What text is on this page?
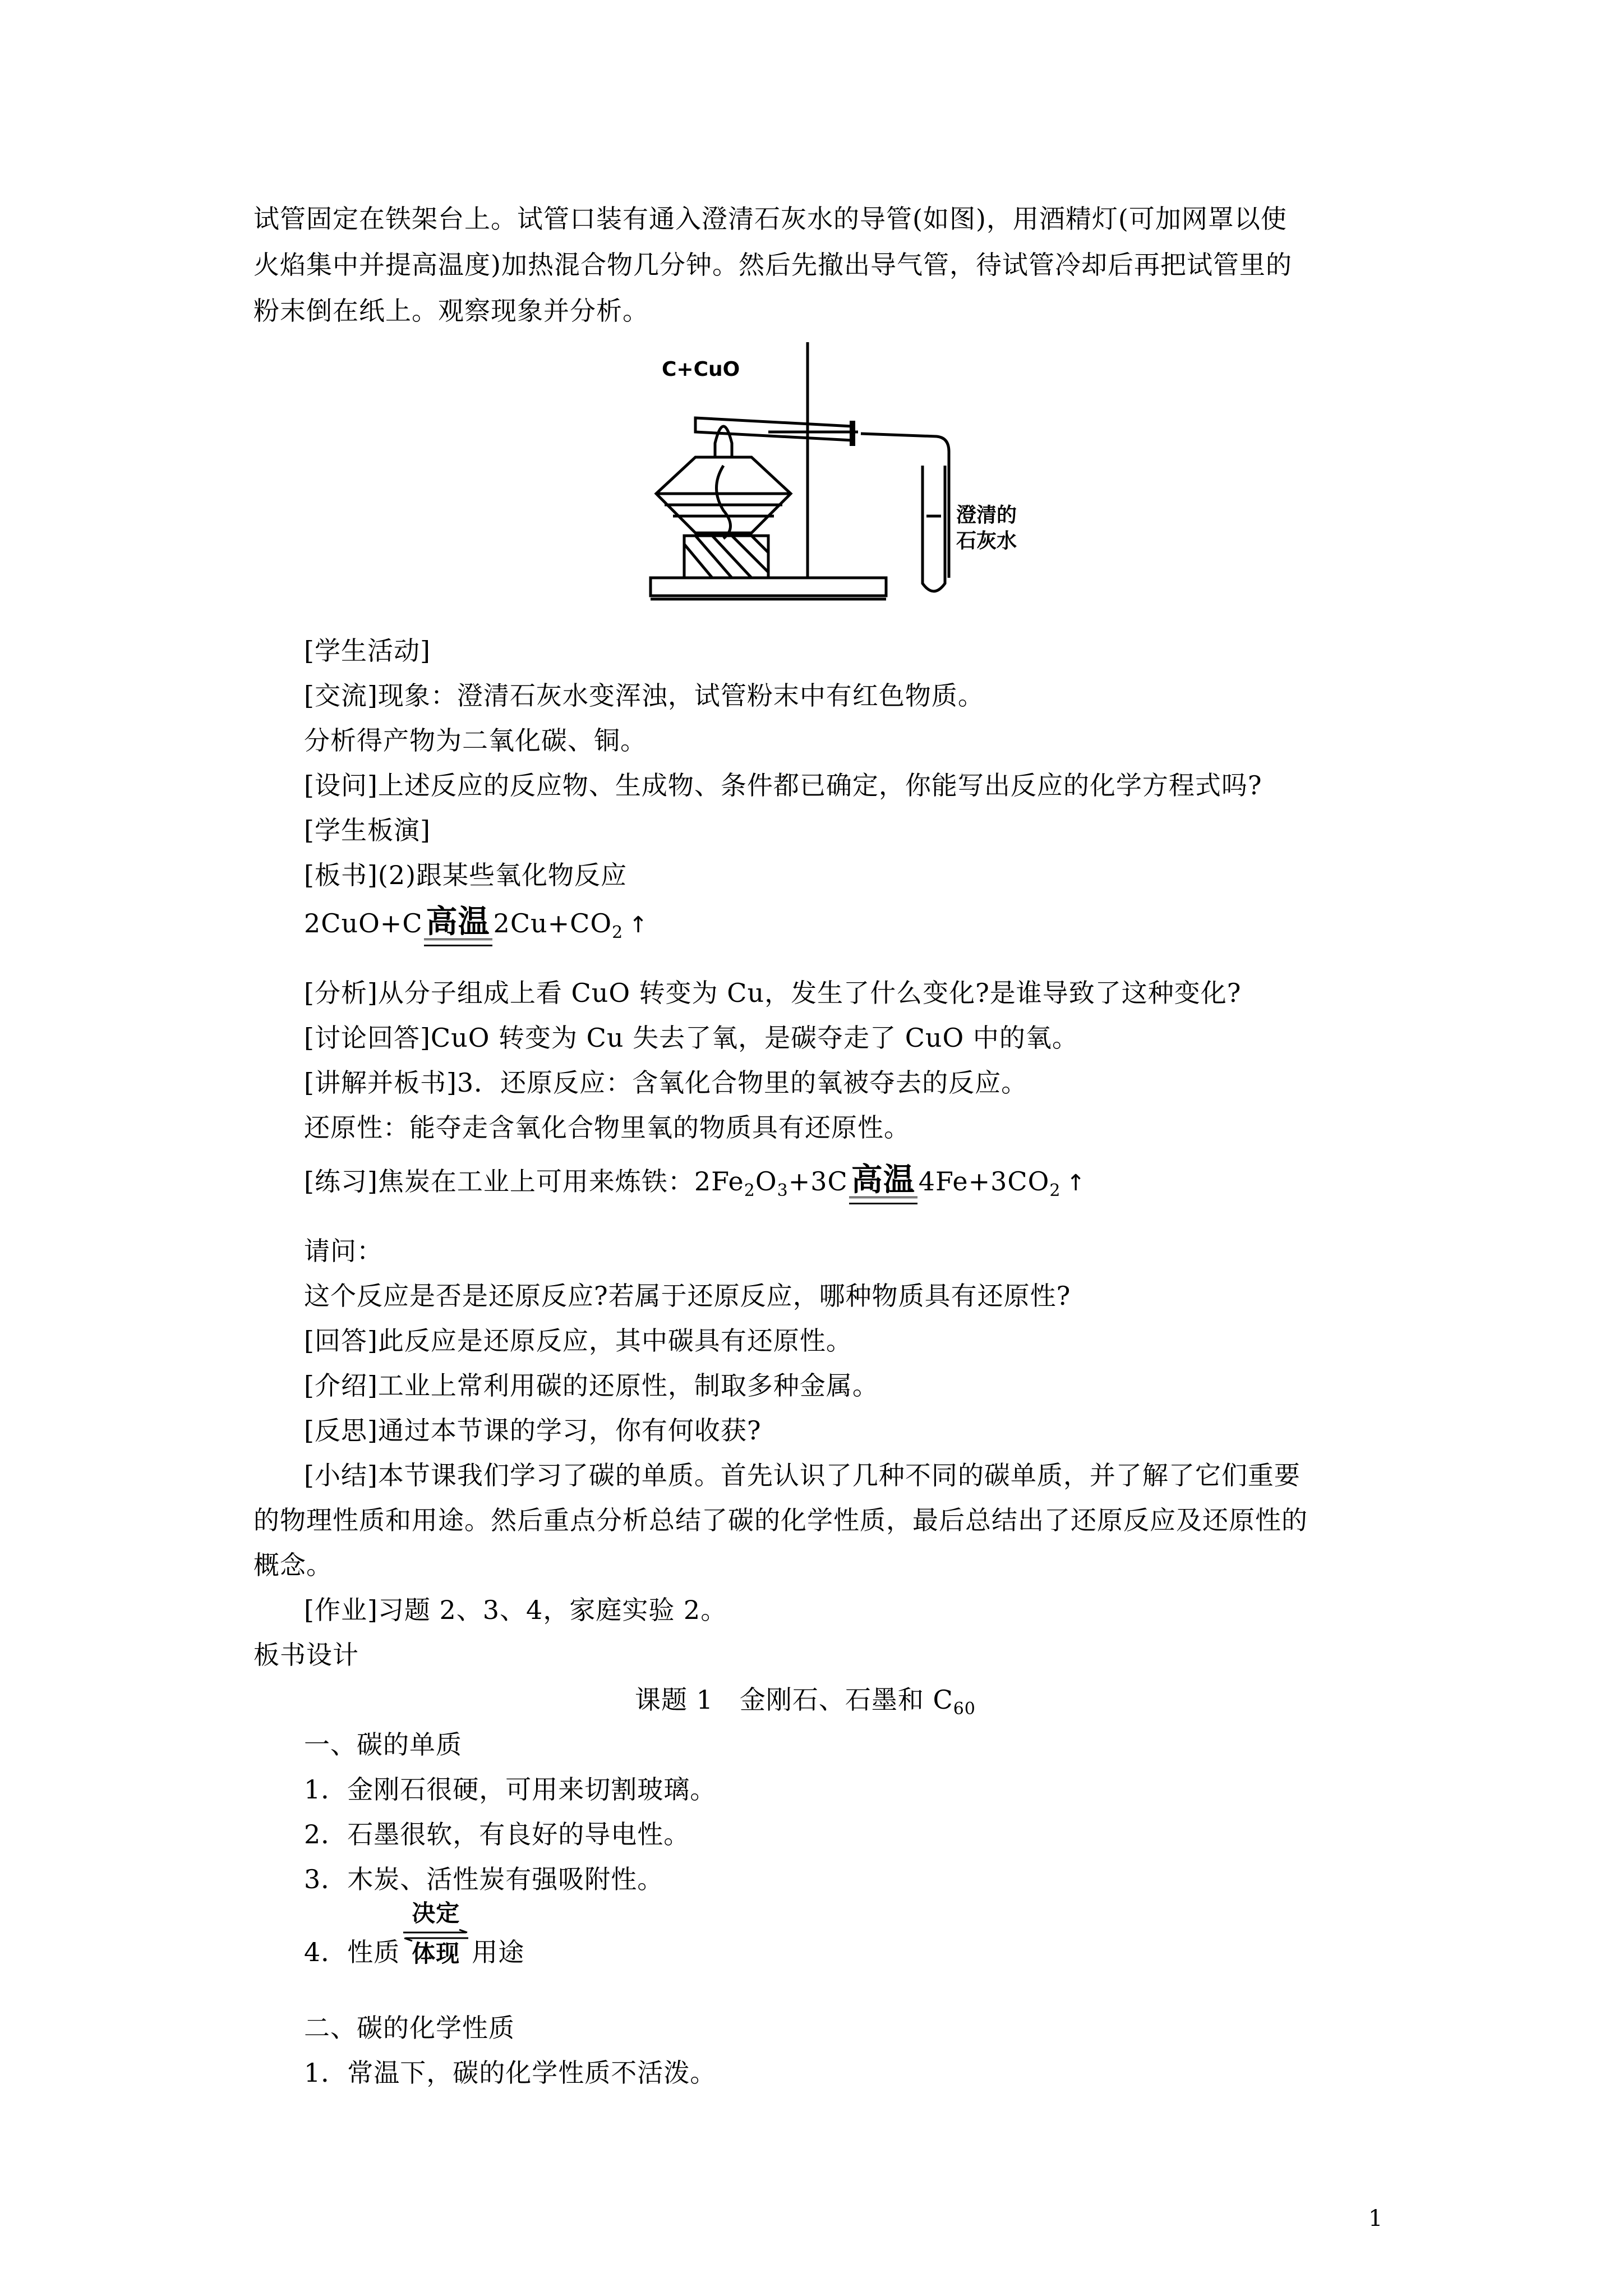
试管固定在铁架台上。试管口装有通入澄清石灰水的导管(如图)，用酒精灯(可加网罩以使
火焰集中并提高温度)加热混合物几分钟。然后先撤出导气管，待试管冷却后再把试管里的
粉末倒在纸上。观察现象并分析。
C+CuO
澄清的
石灰水
[学生活动]
[交流]现象：澄清石灰水变浑浊，试管粉末中有红色物质。
分析得产物为二氧化碳、铜。
[设问]上述反应的反应物、生成物、条件都已确定，你能写出反应的化学方程式吗?
[学生板演]
[板书](2)跟某些氧化物反应
2CuO+C 高温 $2Cu+CO_2$ ↑
[分析]从分子组成上看 CuO 转变为 Cu，发生了什么变化?是谁导致了这种变化?
[讨论回答]CuO 转变为 Cu 失去了氧，是碳夺走了 CuO 中的氧。
[讲解并板书]3．还原反应：含氧化合物里的氧被夺去的反应。
还原性：能夺走含氧化合物里氧的物质具有还原性。
[练习]焦炭在工业上可用来炼铁：$2Fe_2O_3+3C$ 高温 $4Fe+3CO_2$ ↑
请问：
这个反应是否是还原反应?若属于还原反应，哪种物质具有还原性?
[回答]此反应是还原反应，其中碳具有还原性。
[介绍]工业上常利用碳的还原性，制取多种金属。
[反思]通过本节课的学习，你有何收获?
[小结]本节课我们学习了碳的单质。首先认识了几种不同的碳单质，并了解了它们重要
的物理性质和用途。然后重点分析总结了碳的化学性质，最后总结出了还原反应及还原性的
概念。
[作业]习题 2、3、4，家庭实验 2。
板书设计
课题 1　金刚石、石墨和 $C_{60}$
一、碳的单质
1．金刚石很硬，可用来切割玻璃。
2．石墨很软，有良好的导电性。
3．木炭、活性炭有强吸附性。
4．性质
决定
体现 用途
二、碳的化学性质
1．常温下，碳的化学性质不活泼。
1
